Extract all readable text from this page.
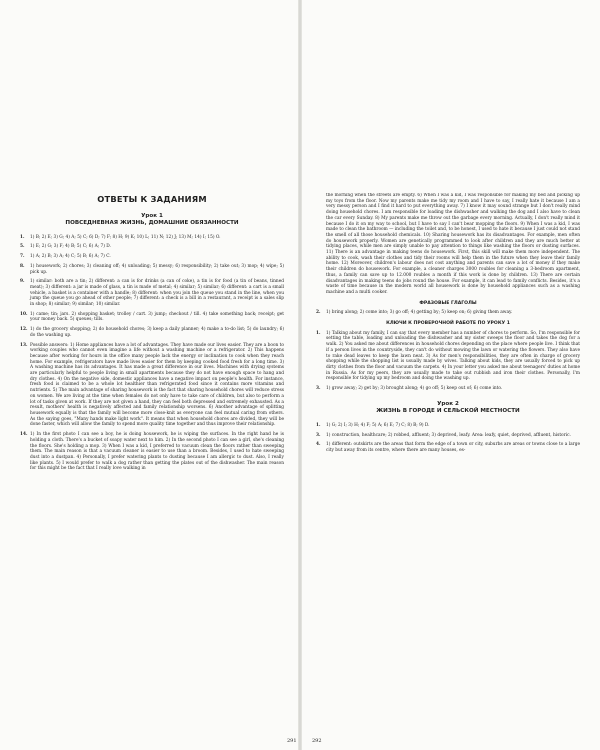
ОТВЕТЫ К ЗАДАНИЯМ
Урок 1
ПОВСЕДНЕВНАЯ ЖИЗНЬ, ДОМАШНИЕ ОБЯЗАННОСТИ
1.	1) B; 2) E; 3) G; 4) A; 5) C; 6) D; 7) F; 8) H; 9) K; 10) L; 11) N; 12) J; 13) M; 14) I; 15) O.
5.	1) E; 2) G; 3) F; 4) B; 5) C; 6) A; 7) D.
7.	1) A; 2) B; 3) A; 4) C; 5) B; 6) A; 7) C.
8.	1) housework; 2) chores; 3) cleaning off; 4) unloading; 5) messy; 6) responsibility; 2) take out; 3) mop; 4) wipe; 5) pick up.
9.	1) similar: both are a tin; 2) different: a can is for drinks (a can of coke), a tin is for food (a tin of beans, tinned meat); 3) different: a jar is made of glass, a tin is made of metal; 4) similar; 5) similar; 6) different: a cart is a small vehicle, a basket is a container with a handle; 8) different: when you join the queue you stand in the line, when you jump the queue you go ahead of other people; 7) different: a check is a bill in a restaurant, a receipt is a sales slip in shop; 8) similar; 9) similar; 10) similar.
10. 1) came; tin; jars. 2) shopping basket; trolley / cart. 3) jump; checkout / till. 4) take something back; receipt; get your money back. 5) queues; tills.
12. 1) do the grocery shopping; 2) do household chores; 3) keep a daily planner; 4) make a to-do list; 5) do laundry; 6) do the washing up.
13. Possible answers: 1) Home appliances have a lot of advantages. They have made our lives easier. They are a boon to working couples who cannot even imagine a life without a washing machine or a refrigerator. 2) This happens because after working for hours in the office many people lack the energy or inclination to cook when they reach home. For example, refrigerators have made lives easier for them by keeping cooked food fresh for a long time. 3) A washing machine has its advantages. It has made a great difference in our lives. Machines with drying systems are particularly helpful to people living in small apartments because they do not have enough space to hang and dry clothes. 4) On the negative side, domestic appliances have a negative impact on people's health. For instance, fresh food is claimed to be a whole lot healthier than refrigerated food since it contains more vitamins and nutrients. 5) The main advantage of sharing housework is the fact that sharing household chores will reduce stress on women. We are living at the time when females do not only have to take care of children, but also to perform a lot of tasks given at work. If they are not given a hand, they can feel both depressed and extremely exhausted. As a result, mothers' health is negatively affected and family relationship worsens. 6) Another advantage of splitting housework equally is that the family will become more close-knit as everyone can feel mutual caring from others. As the saying goes, "Many hands make light work". It means that when household chores are divided, they will be done faster, which will allow the family to spend more quality time together and thus improve their relationship.
14. 1) In the first photo I can see a boy, he is doing housework, he is wiping the surfaces. In the right hand he is holding a cloth. There's a bucket of soapy water next to him. 2) In the second photo I can see a girl, she's cleaning the floors. She's holding a mop. 3) When I was a kid, I preferred to vacuum clean the floors rather than sweeping them. The main reason is that a vacuum cleaner is easier to use than a broom. Besides, I used to hate sweeping dust into a dustpan. 4) Personally, I prefer watering plants to dusting because I am allergic to dust. Also, I really like plants. 5) I would prefer to walk a dog rather than getting the plates out of the dishwasher. The main reason for this might be the fact that I really love walking in
the morning when the streets are empty. 6) When I was a kid, I was responsible for making my bed and picking up my toys from the floor. Now my parents make me tidy my room and I have to say, I really hate it because I am a very messy person and I find it hard to put everything away. 7) I know it may sound strange but I don't really mind doing household chores. I am responsible for loading the dishwasher and walking the dog and I also have to clean the car every Sunday. 8) My parents make me throw out the garbage every morning. Actually, I don't really mind it because I do it on my way to school, but I have to say I can't bear mopping the floors. 9) When I was a kid, I was made to clean the bathroom — including the toilet and, to be honest, I used to hate it because I just could not stand the smell of all those household chemicals. 10) Sharing housework has its disadvantages. For example, men often do housework properly. Women are genetically programmed to look after children and they are much better at tidying places, while men are simply unable to pay attention to things like washing the floors or dusting surfaces. 11) There is an advantage in making teens do housework. First, this skill will make them more independent. The ability to cook, wash their clothes and tidy their rooms will help them in the future when they leave their family home. 12) Moreover, children's labour does not cost anything and parents can save a lot of money if they make their children do housework. For example, a cleaner charges 3000 roubles for cleaning a 3-bedroom apartment, thus, a family can save up to 12.000 roubles a month if this work is done by children. 13) There are certain disadvantages in making teens do jobs round the house. For example, it can lead to family conflicts. Besides, it's a waste of time because in the modern world all housework is done by household appliances such as a washing machine and a multi cooker.
ФРАЗОВЫЕ ГЛАГОЛЫ
2.	1) bring along; 2) come into; 3) go off; 4) getting by; 5) keep on; 6) giving them away.
КЛЮЧИ К ПРОВЕРОЧНОЙ РАБОТЕ ПО УРОКУ 1
1.	1) Talking about my family, I can say that every member has a number of chores to perform. So, I'm responsible for setting the table, loading and unloading the dishwasher and my sister sweeps the floor and takes the dog for a walk. 2) You asked me about differences in household chores depending on the place where people live. I think that if a person lives in the countryside, they can't do without mowing the lawn or watering the flowers. They also have to rake dead leaves to keep the lawn neat. 3) As for men's responsibilities, they are often in charge of grocery shopping while the shopping list is usually made by wives. Talking about kids, they are usually forced to pick up dirty clothes from the floor and vacuum the carpets. 4) In your letter you asked me about teenagers' duties at home in Russia. As for my peers, they are usually made to take out rubbish and iron their clothes. Personally, I'm responsible for tidying up my bedroom and doing the washing up.
3.	1) grow away; 2) get by; 3) brought along; 4) go off; 5) keep out of; 6) come into.
Урок 2
ЖИЗНЬ В ГОРОДЕ И СЕЛЬСКОЙ МЕСТНОСТИ
1.	1) G; 2) I; 3) H; 4) F; 5) A; 6) E; 7) C; 8) B; 9) D.
3.	1) construction, healthcare; 2) robbed, affluent; 3) deprived, leafy. Area: leafy, quiet, deprived, affluent, historic.
4.	1) different: outskirts are the areas that form the edge of a town or city, suburbs are areas or towns close to a large city but away from its centre, where there are many houses, es-
291	292
